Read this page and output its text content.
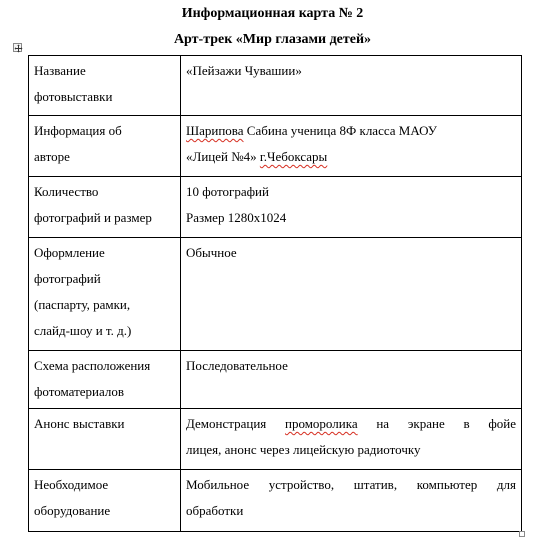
Информационная карта № 2
Арт-трек «Мир глазами детей»
Название
фотовыставки	«Пейзажи Чувашии»

Информация об
авторе	Шарипова Сабина ученица 8Ф класса МАОУ
«Лицей №4» г.Чебоксары

Количество
фотографий и размер	10 фотографий
Размер 1280х1024

Оформление
фотографий
(паспарту, рамки,
слайд-шоу и т. д.)	Обычное

Схема расположения
фотоматериалов	Последовательное

Анонс выставки	Демонстрация проморолика на экране в фойе
лицея, анонс через лицейскую радиоточку

Необходимое
оборудование	Мобильное устройство, штатив, компьютер для
обработки
